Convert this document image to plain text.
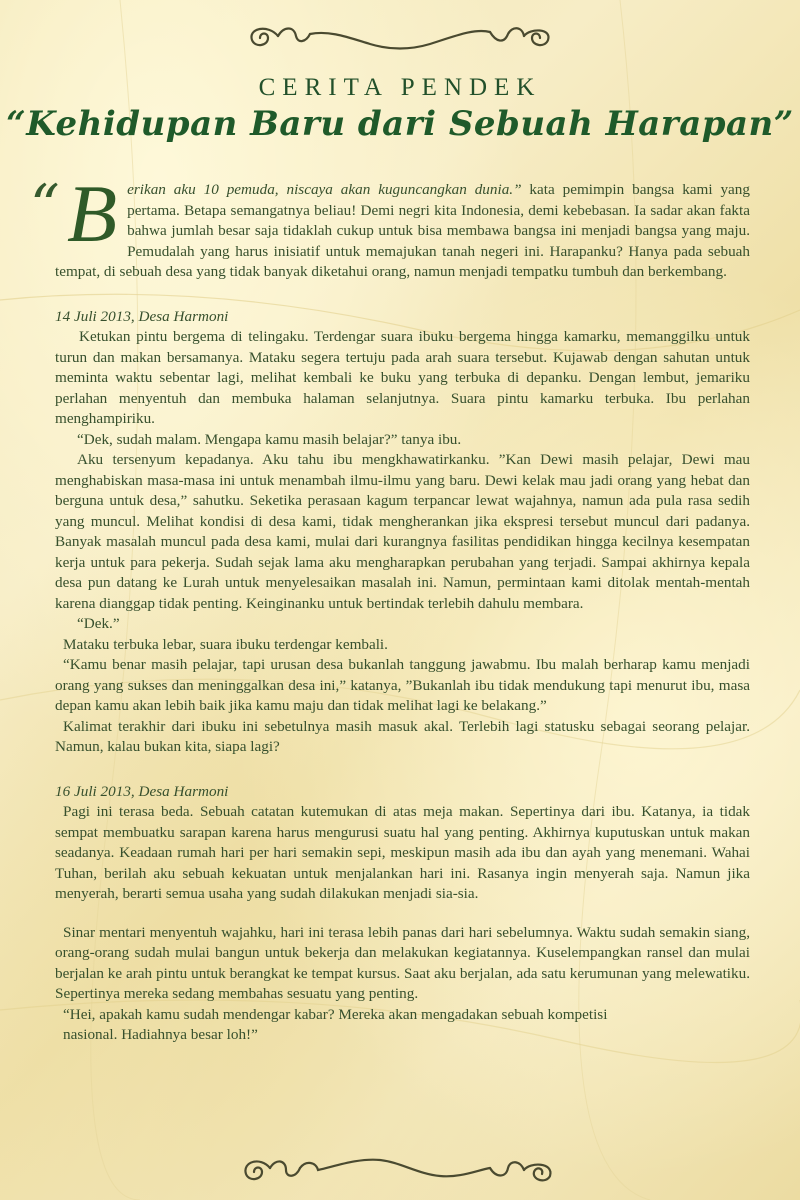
CERITA PENDEK
“Kehidupan Baru dari Sebuah Harapan”
“ B erikan aku 10 pemuda, niscaya akan kuguncangkan dunia.” kata pemimpin bangsa kami yang pertama. Betapa semangatnya beliau! Demi negri kita Indonesia, demi kebebasan. Ia sadar akan fakta bahwa jumlah besar saja tidaklah cukup untuk bisa membawa bangsa ini menjadi bangsa yang maju. Pemudalah yang harus inisiatif untuk memajukan tanah negeri ini. Harapanku? Hanya pada sebuah tempat, di sebuah desa yang tidak banyak diketahui orang, namun menjadi tempatku tumbuh dan berkembang.

14 Juli 2013, Desa Harmoni

Ketukan pintu bergema di telingaku. Terdengar suara ibuku bergema hingga kamarku, memanggilku untuk turun dan makan bersamanya. Mataku segera tertuju pada arah suara tersebut. Kujawab dengan sahutan untuk meminta waktu sebentar lagi, melihat kembali ke buku yang terbuka di depanku. Dengan lembut, jemariku perlahan menyentuh dan membuka halaman selanjutnya. Suara pintu kamarku terbuka. Ibu perlahan menghampiriku.

“Dek, sudah malam. Mengapa kamu masih belajar?” tanya ibu.

Aku tersenyum kepadanya. Aku tahu ibu mengkhawatirkanku. ”Kan Dewi masih pelajar, Dewi mau menghabiskan masa-masa ini untuk menambah ilmu-ilmu yang baru. Dewi kelak mau jadi orang yang hebat dan berguna untuk desa,” sahutku. Seketika perasaan kagum terpancar lewat wajahnya, namun ada pula rasa sedih yang muncul. Melihat kondisi di desa kami, tidak mengherankan jika ekspresi tersebut muncul dari padanya. Banyak masalah muncul pada desa kami, mulai dari kurangnya fasilitas pendidikan hingga kecilnya kesempatan kerja untuk para pekerja. Sudah sejak lama aku mengharapkan perubahan yang terjadi. Sampai akhirnya kepala desa pun datang ke Lurah untuk menyelesaikan masalah ini. Namun, permintaan kami ditolak mentah-mentah karena dianggap tidak penting. Keinginanku untuk bertindak terlebih dahulu membara.

“Dek.”

Mataku terbuka lebar, suara ibuku terdengar kembali.

“Kamu benar masih pelajar, tapi urusan desa bukanlah tanggung jawabmu. Ibu malah berharap kamu menjadi orang yang sukses dan meninggalkan desa ini,” katanya, ”Bukanlah ibu tidak mendukung tapi menurut ibu, masa depan kamu akan lebih baik jika kamu maju dan tidak melihat lagi ke belakang.”

Kalimat terakhir dari ibuku ini sebetulnya masih masuk akal. Terlebih lagi statusku sebagai seorang pelajar. Namun, kalau bukan kita, siapa lagi?

16 Juli 2013, Desa Harmoni

Pagi ini terasa beda. Sebuah catatan kutemukan di atas meja makan. Sepertinya dari ibu. Katanya, ia tidak sempat membuatku sarapan karena harus mengurusi suatu hal yang penting. Akhirnya kuputuskan untuk makan seadanya. Keadaan rumah hari per hari semakin sepi, meskipun masih ada ibu dan ayah yang menemani. Wahai Tuhan, berilah aku sebuah kekuatan untuk menjalankan hari ini. Rasanya ingin menyerah saja. Namun jika menyerah, berarti semua usaha yang sudah dilakukan menjadi sia-sia.

Sinar mentari menyentuh wajahku, hari ini terasa lebih panas dari hari sebelumnya. Waktu sudah semakin siang, orang-orang sudah mulai bangun untuk bekerja dan melakukan kegiatannya. Kuselempangkan ransel dan mulai berjalan ke arah pintu untuk berangkat ke tempat kursus. Saat aku berjalan, ada satu kerumunan yang melewatiku. Sepertinya mereka sedang membahas sesuatu yang penting.

“Hei, apakah kamu sudah mendengar kabar? Mereka akan mengadakan sebuah kompetisi

nasional. Hadiahnya besar loh!”
